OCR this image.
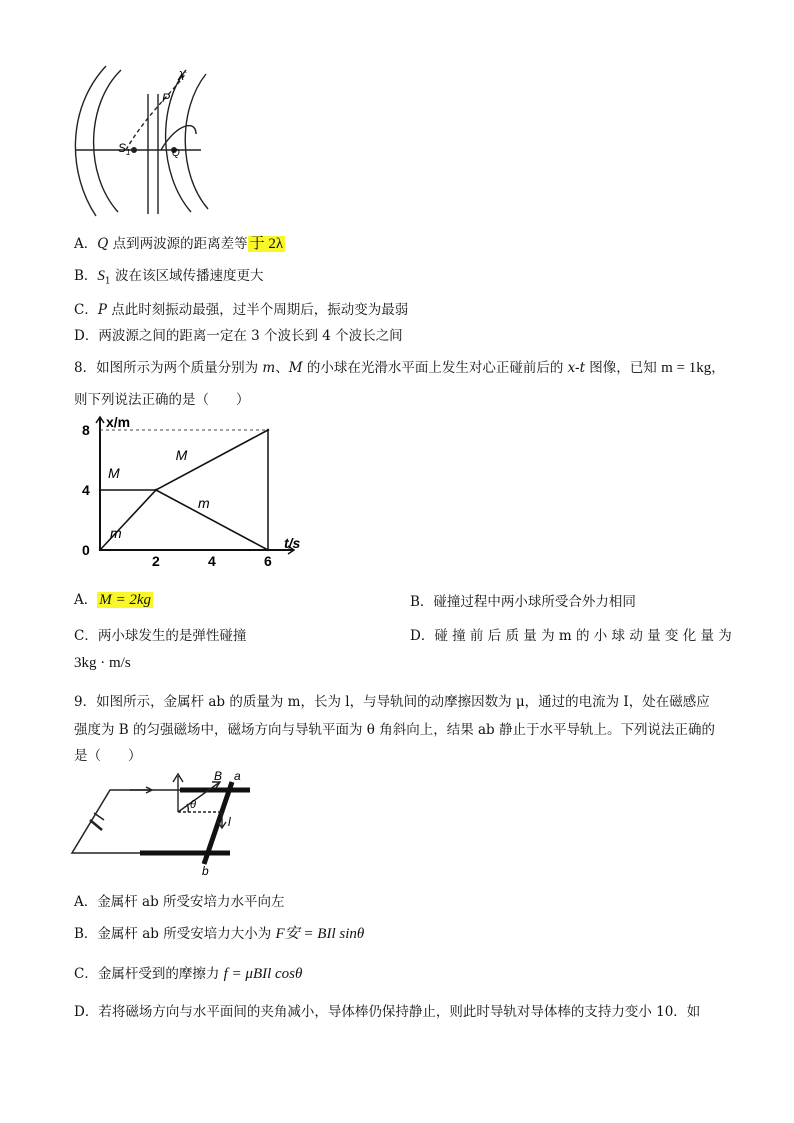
P
λ
$S_1$	Q
A．Q 点到两波源的距离差等 于 2λ
B．$S_1$ 波在该区域传播速度更大
C．P 点此时刻振动最强，过半个周期后，振动变为最弱
D．两波源之间的距离一定在 3 个波长到 4 个波长之间
8．如图所示为两个质量分别为 m、M 的小球在光滑水平面上发生对心正碰前后的 x-t 图像，已知 m = 1kg，
则下列说法正确的是（　　）
x/m
t/s
2	4	6
0
4
8
M
M
m
m
A． M = 2kg	B．碰撞过程中两小球所受合外力相同
C．两小球发生的是弹性碰撞	D．碰 撞 前 后 质 量 为 m 的 小 球 动 量 变 化 量 为
3kg · m/s
9．如图所示，金属杆 ab 的质量为 m，长为 l，与导轨间的动摩擦因数为 μ，通过的电流为 I，处在磁感应
强度为 B 的匀强磁场中，磁场方向与导轨平面为 θ 角斜向上，结果 ab 静止于水平导轨上。下列说法正确的
是（　　）
B a
b
θ
l
A．金属杆 ab 所受安培力水平向左
B．金属杆 ab 所受安培力大小为 F安 = BIl sinθ
C．金属杆受到的摩擦力 f = μBIl cosθ
D．若将磁场方向与水平面间的夹角减小，导体棒仍保持静止，则此时导轨对导体棒的支持力变小 10．如
